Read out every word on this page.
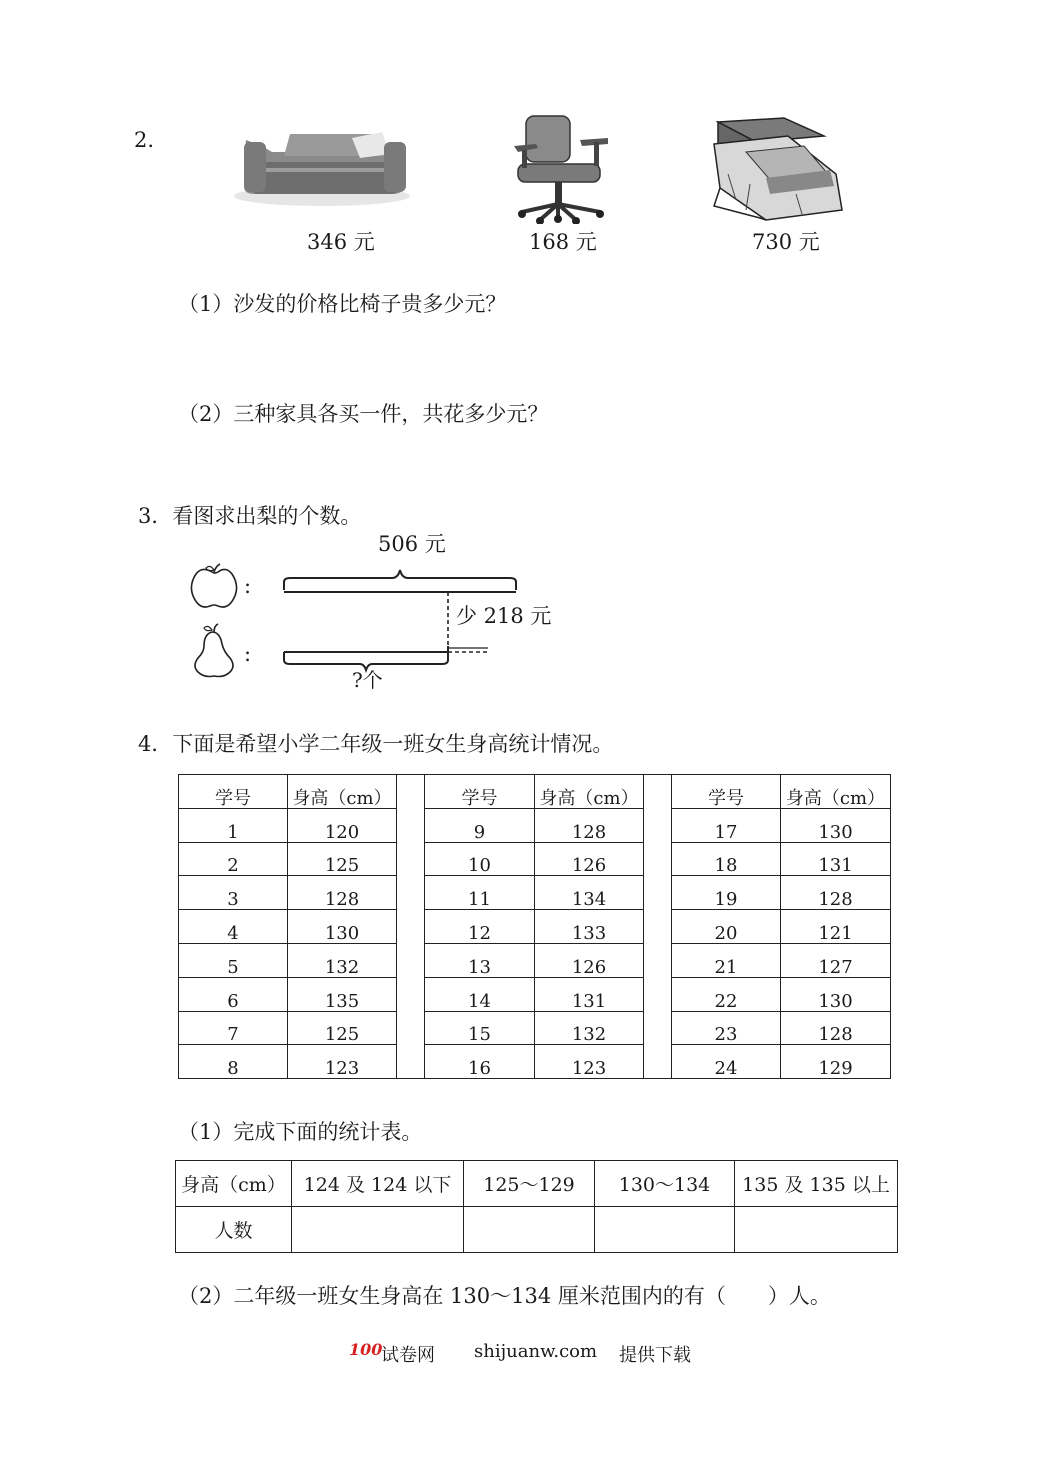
2.
346 元	168 元	730 元
（1）沙发的价格比椅子贵多少元？
（2）三种家具各买一件，共花多少元？
3．看图求出梨的个数。
506 元
:
:
少 218 元
?个
4．下面是希望小学二年级一班女生身高统计情况。
学号	身高（cm）		学号	身高（cm）		学号	身高（cm）
1	120		9	128		17	130
2	125		10	126		18	131
3	128		11	134		19	128
4	130		12	133		20	121
5	132		13	126		21	127
6	135		14	131		22	130
7	125		15	132		23	128
8	123		16	123		24	129
（1）完成下面的统计表。
身高（cm）	124 及 124 以下	125～129	130～134	135 及 135 以上
人数				
（2）二年级一班女生身高在 130～134 厘米范围内的有（　　）人。
100
试卷网 shijuanw.com 提供下载
